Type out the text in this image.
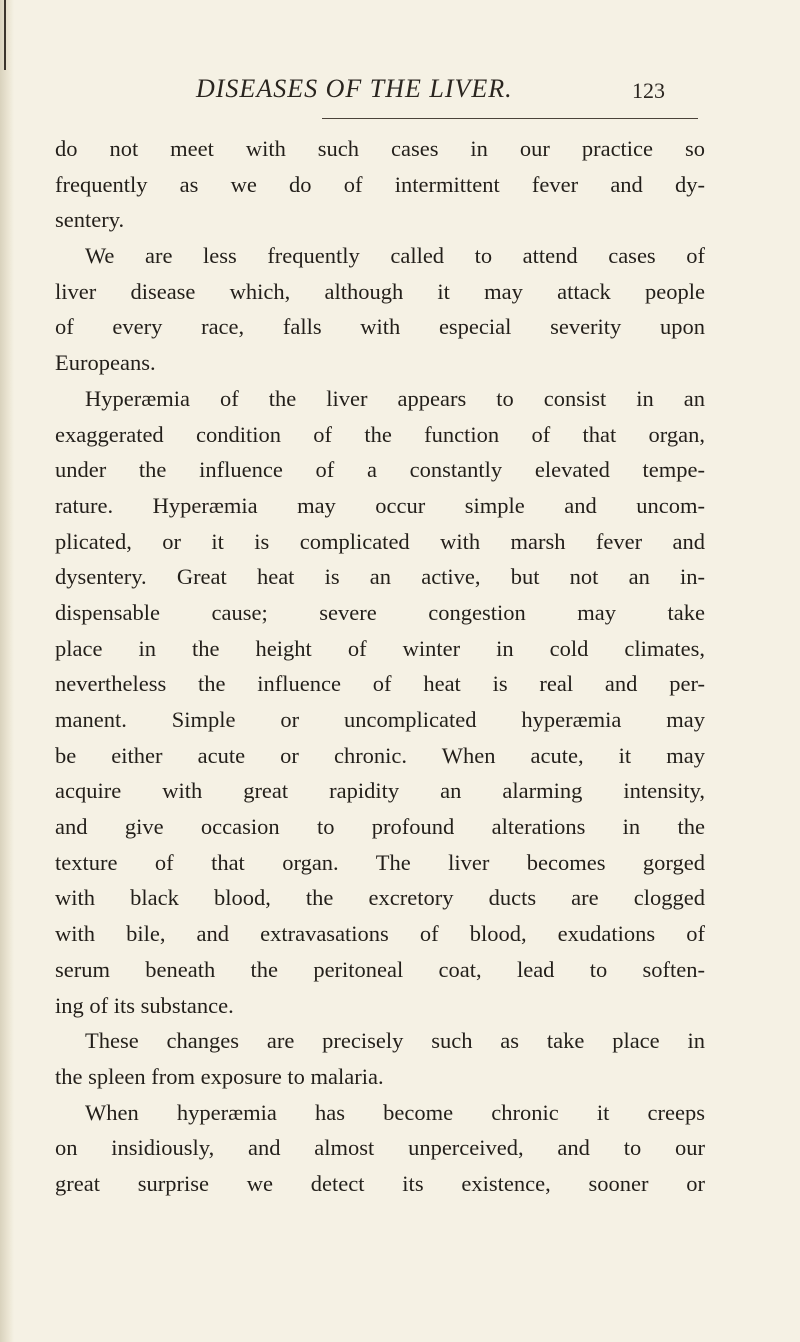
DISEASES OF THE LIVER.	123
do not meet with such cases in our practice so
frequently as we do of intermittent fever and dy-
sentery.
We are less frequently called to attend cases of
liver disease which, although it may attack people
of every race, falls with especial severity upon
Europeans.
Hyperæmia of the liver appears to consist in an
exaggerated condition of the function of that organ,
under the influence of a constantly elevated tempe-
rature. Hyperæmia may occur simple and uncom-
plicated, or it is complicated with marsh fever and
dysentery. Great heat is an active, but not an in-
dispensable cause; severe congestion may take
place in the height of winter in cold climates,
nevertheless the influence of heat is real and per-
manent. Simple or uncomplicated hyperæmia may
be either acute or chronic. When acute, it may
acquire with great rapidity an alarming intensity,
and give occasion to profound alterations in the
texture of that organ. The liver becomes gorged
with black blood, the excretory ducts are clogged
with bile, and extravasations of blood, exudations of
serum beneath the peritoneal coat, lead to soften-
ing of its substance.
These changes are precisely such as take place in
the spleen from exposure to malaria.
When hyperæmia has become chronic it creeps
on insidiously, and almost unperceived, and to our
great surprise we detect its existence, sooner or
